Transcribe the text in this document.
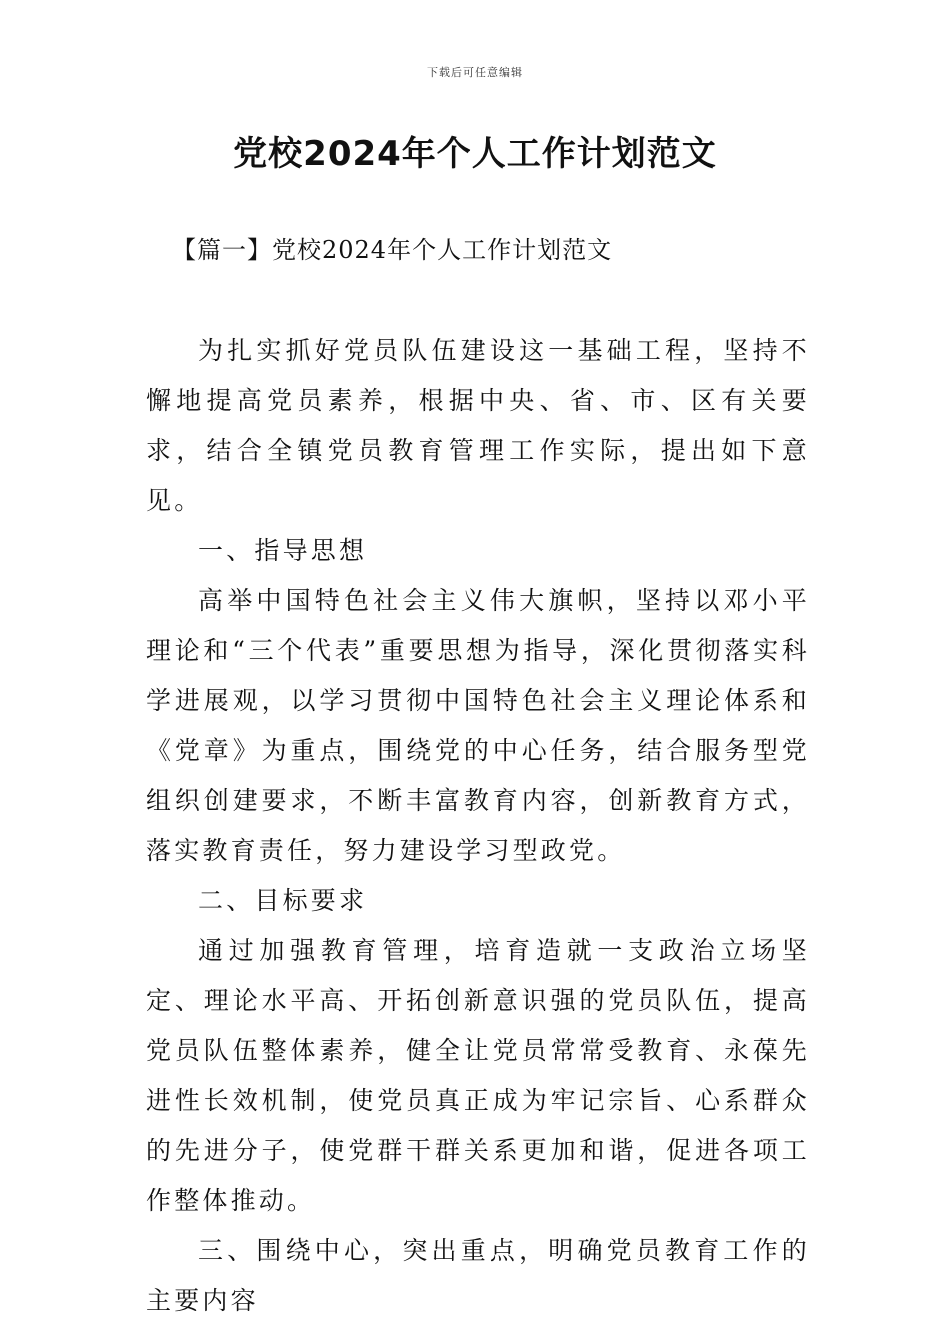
下载后可任意编辑
党校2024年个人工作计划范文
【篇一】党校2024年个人工作计划范文

为扎实抓好党员队伍建设这一基础工程，坚持不懈地提高党员素养，根据中央、省、市、区有关要求，结合全镇党员教育管理工作实际，提出如下意见。

一、指导思想

高举中国特色社会主义伟大旗帜，坚持以邓小平理论和“三个代表”重要思想为指导，深化贯彻落实科学进展观，以学习贯彻中国特色社会主义理论体系和《党章》为重点，围绕党的中心任务，结合服务型党组织创建要求，不断丰富教育内容，创新教育方式，落实教育责任，努力建设学习型政党。

二、目标要求

通过加强教育管理，培育造就一支政治立场坚定、理论水平高、开拓创新意识强的党员队伍，提高党员队伍整体素养，健全让党员常常受教育、永葆先进性长效机制，使党员真正成为牢记宗旨、心系群众的先进分子，使党群干群关系更加和谐，促进各项工作整体推动。

三、围绕中心，突出重点，明确党员教育工作的主要内容
